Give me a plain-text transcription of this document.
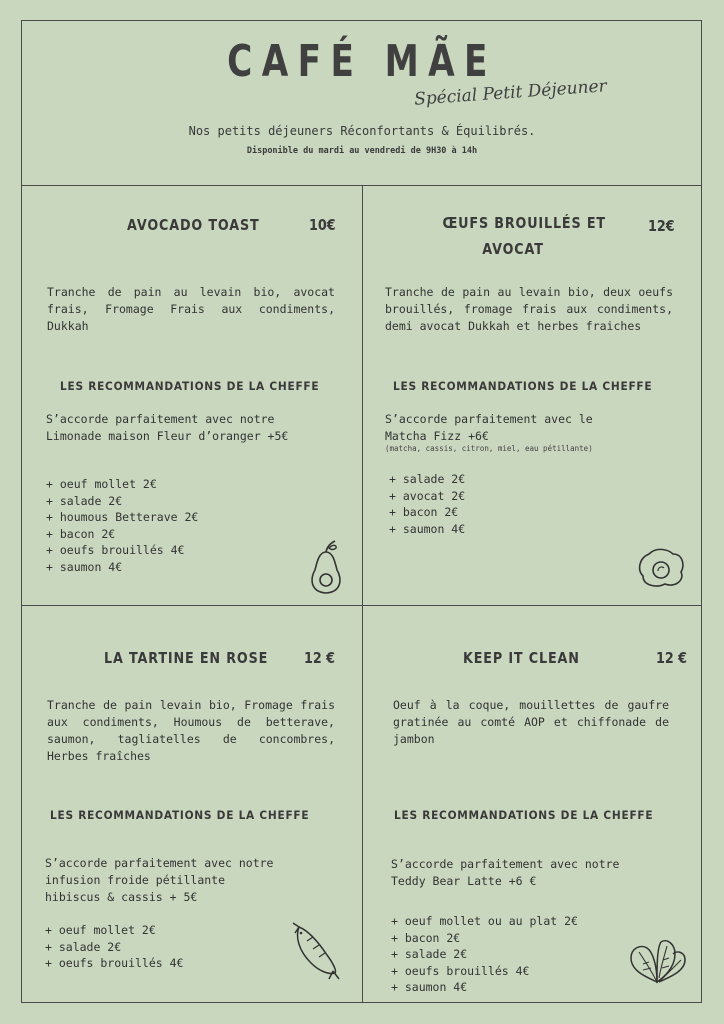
CAFÉ MÃE
Spécial Petit Déjeuner
Nos petits déjeuners Réconfortants & Équilibrés.
Disponible du mardi au vendredi de 9H30 à 14h
AVOCADO TOAST	10€
Tranche de pain au levain bio, avocat frais, Fromage Frais aux condiments, Dukkah
LES RECOMMANDATIONS DE LA CHEFFE
S’accorde parfaitement avec notre
Limonade maison Fleur d’oranger +5€
+ oeuf mollet 2€
+ salade 2€
+ houmous Betterave 2€
+ bacon 2€
+ oeufs brouillés 4€
+ saumon 4€
ŒUFS BROUILLÉS ET
AVOCAT
12€
Tranche de pain au levain bio, deux oeufs brouillés, fromage frais aux condiments, demi avocat Dukkah et herbes fraiches
LES RECOMMANDATIONS DE LA CHEFFE
S’accorde parfaitement avec le
Matcha Fizz +6€
(matcha, cassis, citron, miel, eau pétillante)
+ salade 2€
+ avocat 2€
+ bacon 2€
+ saumon 4€
LA TARTINE EN ROSE 12 €
Tranche de pain levain bio, Fromage frais aux condiments, Houmous de betterave, saumon, tagliatelles de concombres, Herbes fraîches
LES RECOMMANDATIONS DE LA CHEFFE
S’accorde parfaitement avec notre
infusion froide pétillante
hibiscus & cassis + 5€
+ oeuf mollet 2€
+ salade 2€
+ oeufs brouillés 4€
KEEP IT CLEAN	12 €
Oeuf à la coque, mouillettes de gaufre gratinée au comté AOP et chiffonade de jambon
LES RECOMMANDATIONS DE LA CHEFFE
S’accorde parfaitement avec notre
Teddy Bear Latte +6 €
+ oeuf mollet ou au plat 2€
+ bacon 2€
+ salade 2€
+ oeufs brouillés 4€
+ saumon 4€
